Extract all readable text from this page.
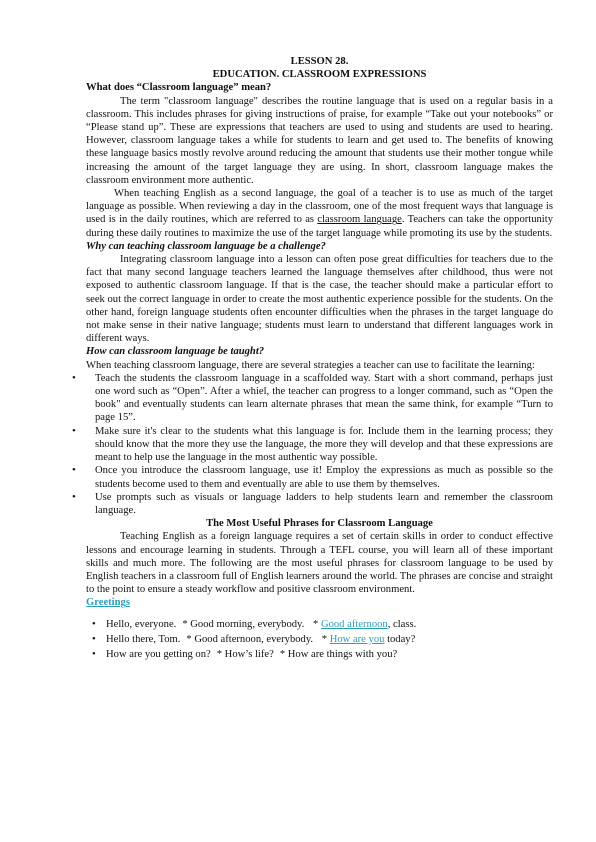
LESSON 28.

EDUCATION. CLASSROOM EXPRESSIONS

What does “Classroom language” mean?

The term "classroom language" describes the routine language that is used on a regular basis in a classroom. This includes phrases for giving instructions of praise, for example “Take out your notebooks” or “Please stand up”. These are expressions that teachers are used to using and students are used to hearing. However, classroom language takes a while for students to learn and get used to. The benefits of knowing these language basics mostly revolve around reducing the amount that students use their mother tongue while increasing the amount of the target language they are using. In short, classroom language makes the classroom environment more authentic.

When teaching English as a second language, the goal of a teacher is to use as much of the target language as possible. When reviewing a day in the classroom, one of the most frequent ways that language is used is in the daily routines, which are referred to as classroom language. Teachers can take the opportunity during these daily routines to maximize the use of the target language while promoting its use by the students.

Why can teaching classroom language be a challenge?

Integrating classroom language into a lesson can often pose great difficulties for teachers due to the fact that many second language teachers learned the language themselves after childhood, thus were not exposed to authentic classroom language. If that is the case, the teacher should make a particular effort to seek out the correct language in order to create the most authentic experience possible for the students. On the other hand, foreign language students often encounter difficulties when the phrases in the target language do not make sense in their native language; students must learn to understand that different languages work in different ways.

How can classroom language be taught?

When teaching classroom language, there are several strategies a teacher can use to facilitate the learning:

• Teach the students the classroom language in a scaffolded way. Start with a short command, perhaps just one word such as “Open”. After a whiel, the teacher can progress to a longer command, such as “Open the book" and eventually students can learn alternate phrases that mean the same think, for example “Turn to page 15”.
• Make sure it's clear to the students what this language is for. Include them in the learning process; they should know that the more they use the language, the more they will develop and that these expressions are meant to help use the language in the most authentic way possible.
• Once you introduce the classroom language, use it! Employ the expressions as much as possible so the students become used to them and eventually are able to use them by themselves.
• Use prompts such as visuals or language ladders to help students learn and remember the classroom language.

The Most Useful Phrases for Classroom Language

Teaching English as a foreign language requires a set of certain skills in order to conduct effective lessons and encourage learning in students. Through a TEFL course, you will learn all of these important skills and much more. The following are the most useful phrases for classroom language to be used by English teachers in a classroom full of English learners around the world. The phrases are concise and straight to the point to ensure a steady workflow and positive classroom environment.

Greetings

• Hello, everyone. * Good morning, everybody. * Good afternoon, class.
• Hello there, Tom. * Good afternoon, everybody. * How are you today?
• How are you getting on? * How’s life? * How are things with you?
